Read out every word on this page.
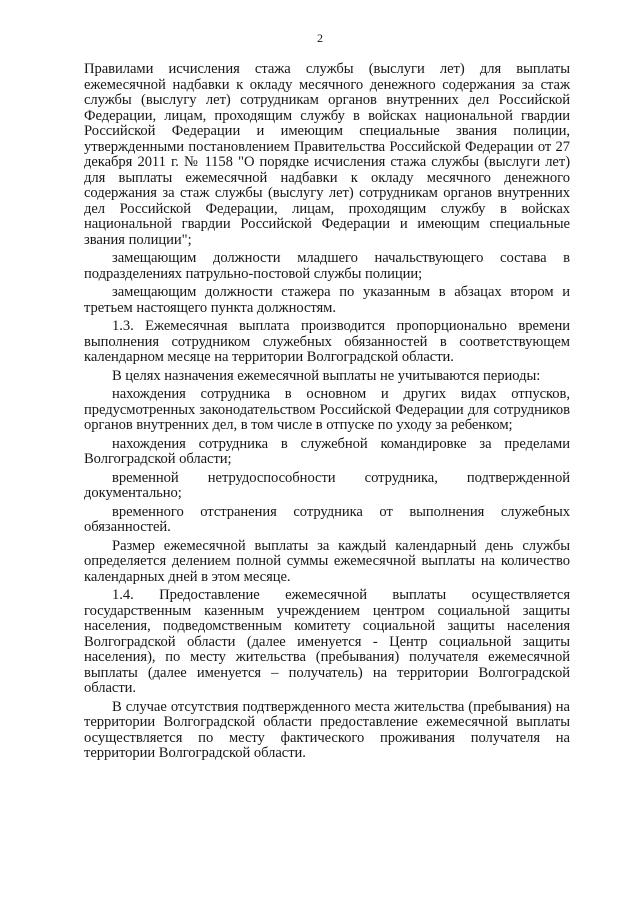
2

Правилами исчисления стажа службы (выслуги лет) для выплаты ежемесячной надбавки к окладу месячного денежного содержания за стаж службы (выслугу лет) сотрудникам органов внутренних дел Российской Федерации, лицам, проходящим службу в войсках национальной гвардии Российской Федерации и имеющим специальные звания полиции, утвержденными постановлением Правительства Российской Федерации от 27 декабря 2011 г. № 1158 "О порядке исчисления стажа службы (выслуги лет) для выплаты ежемесячной надбавки к окладу месячного денежного содержания за стаж службы (выслугу лет) сотрудникам органов внутренних дел Российской Федерации, лицам, проходящим службу в войсках национальной гвардии Российской Федерации и имеющим специальные звания полиции";

замещающим должности младшего начальствующего состава в подразделениях патрульно-постовой службы полиции;

замещающим должности стажера по указанным в абзацах втором и третьем настоящего пункта должностям.

1.3. Ежемесячная выплата производится пропорционально времени выполнения сотрудником служебных обязанностей в соответствующем календарном месяце на территории Волгоградской области.

В целях назначения ежемесячной выплаты не учитываются периоды:

нахождения сотрудника в основном и других видах отпусков, предусмотренных законодательством Российской Федерации для сотрудников органов внутренних дел, в том числе в отпуске по уходу за ребенком;

нахождения сотрудника в служебной командировке за пределами Волгоградской области;

временной нетрудоспособности сотрудника, подтвержденной документально;

временного отстранения сотрудника от выполнения служебных обязанностей.

Размер ежемесячной выплаты за каждый календарный день службы определяется делением полной суммы ежемесячной выплаты на количество календарных дней в этом месяце.

1.4. Предоставление ежемесячной выплаты осуществляется государственным казенным учреждением центром социальной защиты населения, подведомственным комитету социальной защиты населения Волгоградской области (далее именуется - Центр социальной защиты населения), по месту жительства (пребывания) получателя ежемесячной выплаты (далее именуется – получатель) на территории Волгоградской области.

В случае отсутствия подтвержденного места жительства (пребывания) на территории Волгоградской области предоставление ежемесячной выплаты осуществляется по месту фактического проживания получателя на территории Волгоградской области.
